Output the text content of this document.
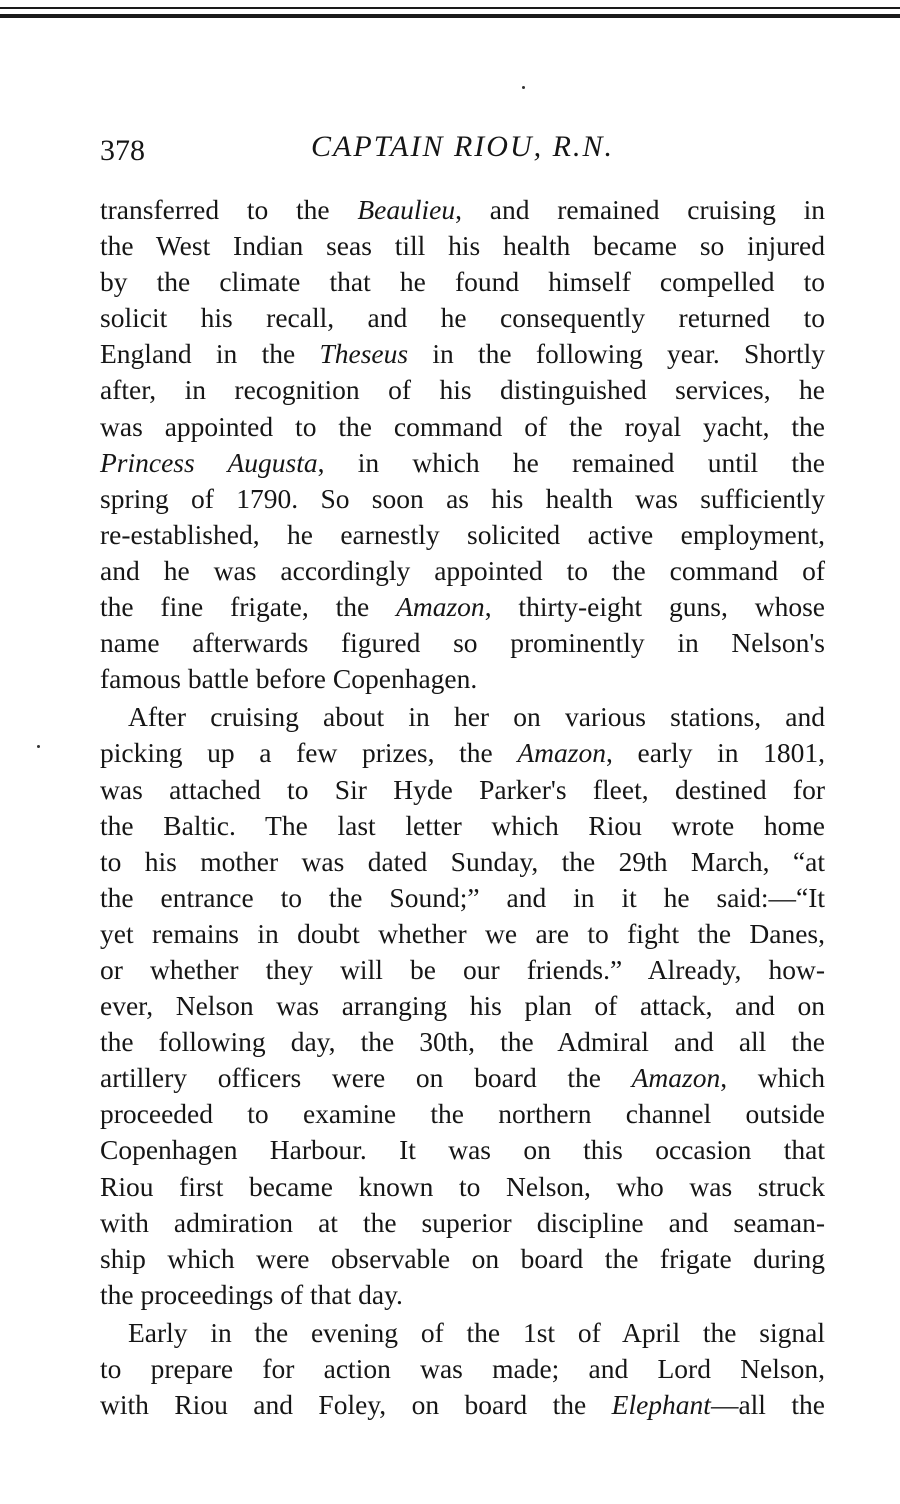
378	CAPTAIN RIOU, R.N.
transferred to the Beaulieu, and remained cruising in
the West Indian seas till his health became so injured
by the climate that he found himself compelled to
solicit his recall, and he consequently returned to
England in the Theseus in the following year. Shortly
after, in recognition of his distinguished services, he
was appointed to the command of the royal yacht, the
Princess Augusta, in which he remained until the
spring of 1790. So soon as his health was sufficiently
re-established, he earnestly solicited active employment,
and he was accordingly appointed to the command of
the fine frigate, the Amazon, thirty-eight guns, whose
name afterwards figured so prominently in Nelson's
famous battle before Copenhagen.
After cruising about in her on various stations, and
picking up a few prizes, the Amazon, early in 1801,
was attached to Sir Hyde Parker's fleet, destined for
the Baltic. The last letter which Riou wrote home
to his mother was dated Sunday, the 29th March, “at
the entrance to the Sound;” and in it he said:—“It
yet remains in doubt whether we are to fight the Danes,
or whether they will be our friends.” Already, how-
ever, Nelson was arranging his plan of attack, and on
the following day, the 30th, the Admiral and all the
artillery officers were on board the Amazon, which
proceeded to examine the northern channel outside
Copenhagen Harbour. It was on this occasion that
Riou first became known to Nelson, who was struck
with admiration at the superior discipline and seaman-
ship which were observable on board the frigate during
the proceedings of that day.
Early in the evening of the 1st of April the signal
to prepare for action was made; and Lord Nelson,
with Riou and Foley, on board the Elephant—all the
